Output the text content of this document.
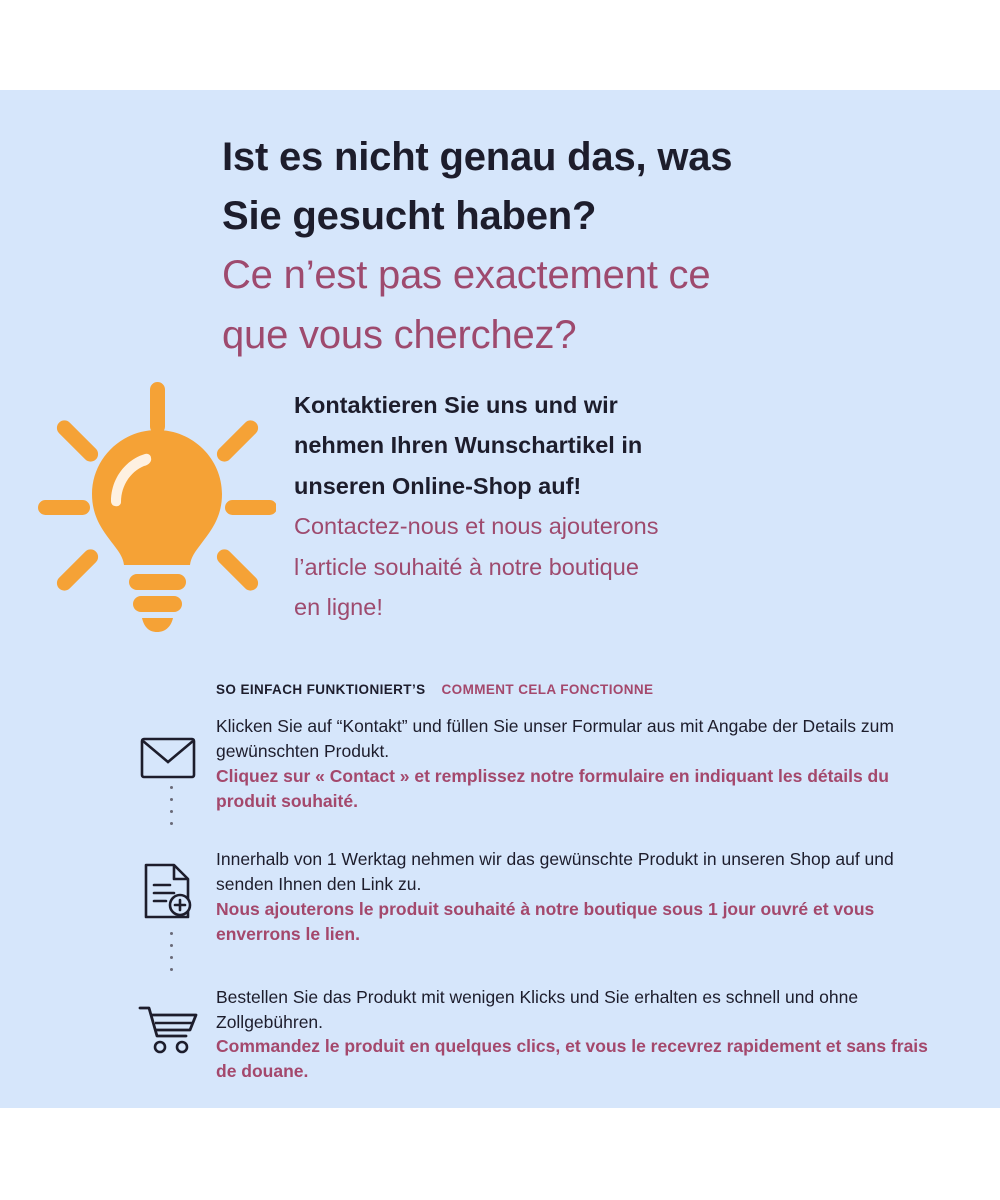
Ist es nicht genau das, was

Sie gesucht haben?

Ce n’est pas exactement ce

que vous cherchez?

Kontaktieren Sie uns und wir

nehmen Ihren Wunschartikel in

unseren Online-Shop auf!

Contactez-nous et nous ajouterons

l’article souhaité à notre boutique

en ligne!

SO EINFACH FUNKTIONIERT’S COMMENT CELA FONCTIONNE

Klicken Sie auf “Kontakt” und füllen Sie unser Formular aus mit Angabe der Details zum gewünschten Produkt.

Cliquez sur « Contact » et remplissez notre formulaire en indiquant les détails du produit souhaité.

Innerhalb von 1 Werktag nehmen wir das gewünschte Produkt in unseren Shop auf und senden Ihnen den Link zu.

Nous ajouterons le produit souhaité à notre boutique sous 1 jour ouvré et vous enverrons le lien.

Bestellen Sie das Produkt mit wenigen Klicks und Sie erhalten es schnell und ohne Zollgebühren.

Commandez le produit en quelques clics, et vous le recevrez rapidement et sans frais de douane.
